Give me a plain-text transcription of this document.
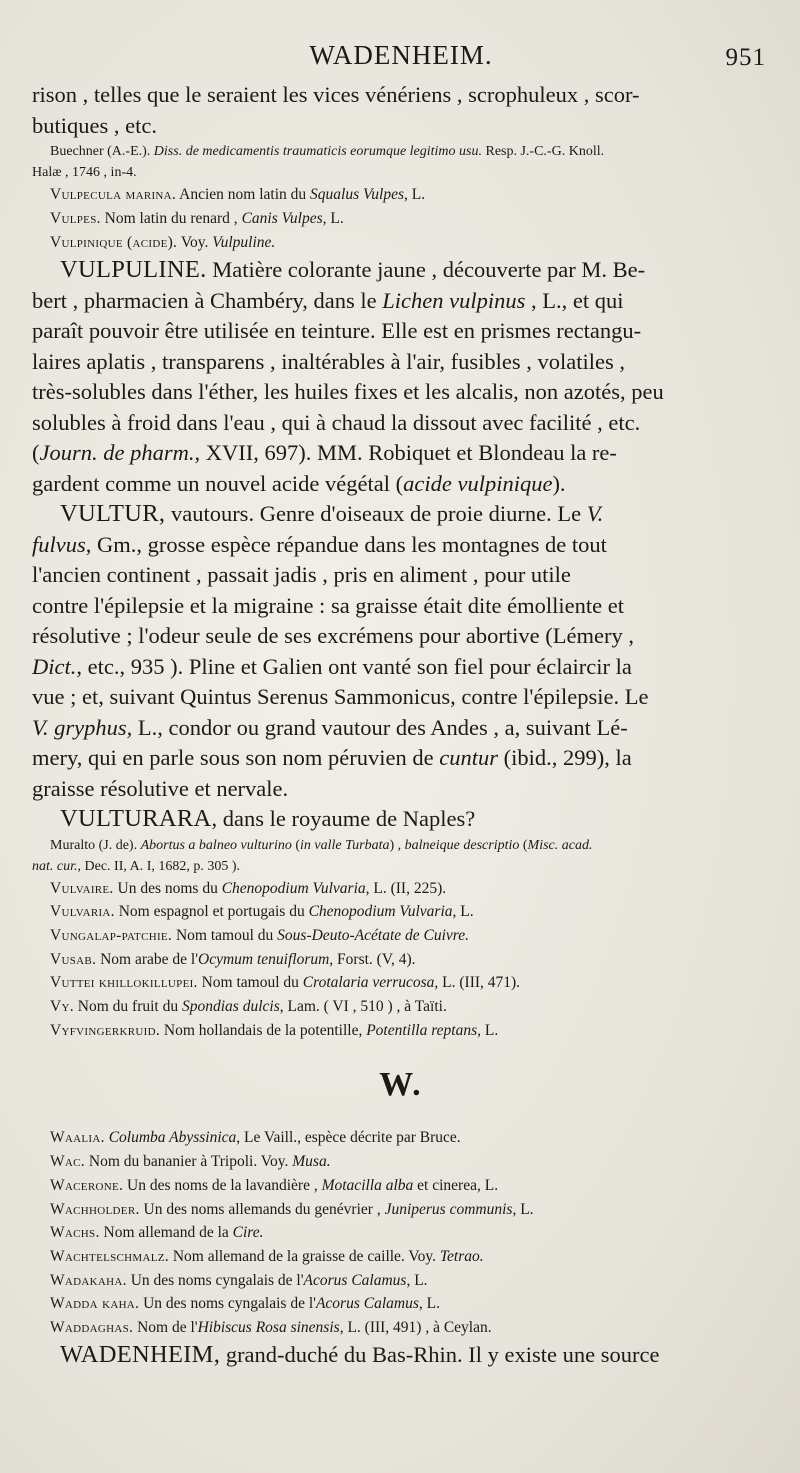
WADENHEIM.	951

rison , telles que le seraient les vices vénériens , scrophuleux , scor-

butiques , etc.

Buechner (A.-E.). Diss. de medicamentis traumaticis eorumque legitimo usu. Resp. J.-C.-G. Knoll.
Halæ , 1746 , in-4.

Vulpecula marina. Ancien nom latin du Squalus Vulpes, L.

Vulpes. Nom latin du renard , Canis Vulpes, L.

Vulpinique (acide). Voy. Vulpuline.

VULPULINE. Matière colorante jaune , découverte par M. Be-

bert , pharmacien à Chambéry, dans le Lichen vulpinus , L., et qui

paraît pouvoir être utilisée en teinture. Elle est en prismes rectangu-

laires aplatis , transparens , inaltérables à l'air, fusibles , volatiles ,

très-solubles dans l'éther, les huiles fixes et les alcalis, non azotés, peu

solubles à froid dans l'eau , qui à chaud la dissout avec facilité , etc.

(Journ. de pharm., XVII, 697). MM. Robiquet et Blondeau la re-

gardent comme un nouvel acide végétal (acide vulpinique).

VULTUR, vautours. Genre d'oiseaux de proie diurne. Le V.

fulvus, Gm., grosse espèce répandue dans les montagnes de tout

l'ancien continent , passait jadis , pris en aliment , pour utile

contre l'épilepsie et la migraine : sa graisse était dite émolliente et

résolutive ; l'odeur seule de ses excrémens pour abortive (Lémery ,

Dict., etc., 935 ). Pline et Galien ont vanté son fiel pour éclaircir la

vue ; et, suivant Quintus Serenus Sammonicus, contre l'épilepsie. Le

V. gryphus, L., condor ou grand vautour des Andes , a, suivant Lé-

mery, qui en parle sous son nom péruvien de cuntur (ibid., 299), la

graisse résolutive et nervale.

VULTURARA, dans le royaume de Naples?

Muralto (J. de). Abortus a balneo vulturino (in valle Turbata) , balneique descriptio (Misc. acad.
nat. cur., Dec. II, A. I, 1682, p. 305 ).

Vulvaire. Un des noms du Chenopodium Vulvaria, L. (II, 225).

Vulvaria. Nom espagnol et portugais du Chenopodium Vulvaria, L.

Vungalap-patchie. Nom tamoul du Sous-Deuto-Acétate de Cuivre.

Vusab. Nom arabe de l'Ocymum tenuiflorum, Forst. (V, 4).

Vuttei khillokillupei. Nom tamoul du Crotalaria verrucosa, L. (III, 471).

Vy. Nom du fruit du Spondias dulcis, Lam. ( VI , 510 ) , à Taïti.

Vyfvingerkruid. Nom hollandais de la potentille, Potentilla reptans, L.

W.

Waalia. Columba Abyssinica, Le Vaill., espèce décrite par Bruce.

Wac. Nom du bananier à Tripoli. Voy. Musa.

Wacerone. Un des noms de la lavandière , Motacilla alba et cinerea, L.

Wachholder. Un des noms allemands du genévrier , Juniperus communis, L.

Wachs. Nom allemand de la Cire.

Wachtelschmalz. Nom allemand de la graisse de caille. Voy. Tetrao.

Wadakaha. Un des noms cyngalais de l'Acorus Calamus, L.

Wadda kaha. Un des noms cyngalais de l'Acorus Calamus, L.

Waddaghas. Nom de l'Hibiscus Rosa sinensis, L. (III, 491) , à Ceylan.

WADENHEIM, grand-duché du Bas-Rhin. Il y existe une source
